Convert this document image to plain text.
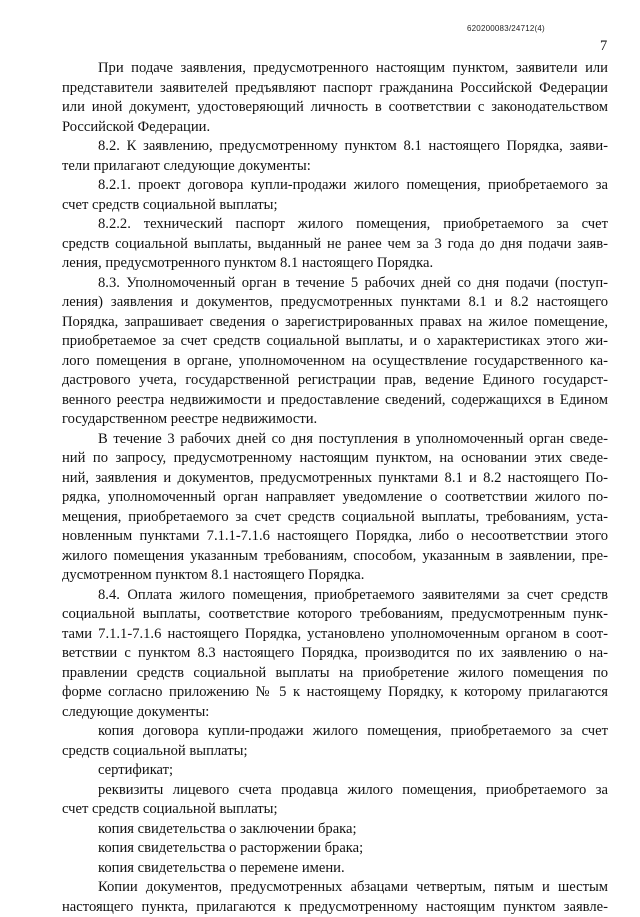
620200083/24712(4)
7
При подаче заявления, предусмотренного настоящим пунктом, заявители или
представители заявителей предъявляют паспорт гражданина Российской Федерации
или иной документ, удостоверяющий личность в соответствии с законодательством
Российской Федерации.
8.2. К заявлению, предусмотренному пунктом 8.1 настоящего Порядка, заяви-
тели прилагают следующие документы:
8.2.1. проект договора купли-продажи жилого помещения, приобретаемого за
счет средств социальной выплаты;
8.2.2. технический паспорт жилого помещения, приобретаемого за счет
средств социальной выплаты, выданный не ранее чем за 3 года до дня подачи заяв-
ления, предусмотренного пунктом 8.1 настоящего Порядка.
8.3. Уполномоченный орган в течение 5 рабочих дней со дня подачи (поступ-
ления) заявления и документов, предусмотренных пунктами 8.1 и 8.2 настоящего
Порядка, запрашивает сведения о зарегистрированных правах на жилое помещение,
приобретаемое за счет средств социальной выплаты, и о характеристиках этого жи-
лого помещения в органе, уполномоченном на осуществление государственного ка-
дастрового учета, государственной регистрации прав, ведение Единого государст-
венного реестра недвижимости и предоставление сведений, содержащихся в Едином
государственном реестре недвижимости.
В течение 3 рабочих дней со дня поступления в уполномоченный орган сведе-
ний по запросу, предусмотренному настоящим пунктом, на основании этих сведе-
ний, заявления и документов, предусмотренных пунктами 8.1 и 8.2 настоящего По-
рядка, уполномоченный орган направляет уведомление о соответствии жилого по-
мещения, приобретаемого за счет средств социальной выплаты, требованиям, уста-
новленным пунктами 7.1.1-7.1.6 настоящего Порядка, либо о несоответствии этого
жилого помещения указанным требованиям, способом, указанным в заявлении, пре-
дусмотренном пунктом 8.1 настоящего Порядка.
8.4. Оплата жилого помещения, приобретаемого заявителями за счет средств
социальной выплаты, соответствие которого требованиям, предусмотренным пунк-
тами 7.1.1-7.1.6 настоящего Порядка, установлено уполномоченным органом в соот-
ветствии с пунктом 8.3 настоящего Порядка, производится по их заявлению о на-
правлении средств социальной выплаты на приобретение жилого помещения по
форме согласно приложению № 5 к настоящему Порядку, к которому прилагаются
следующие документы:
копия договора купли-продажи жилого помещения, приобретаемого за счет
средств социальной выплаты;
сертификат;
реквизиты лицевого счета продавца жилого помещения, приобретаемого за
счет средств социальной выплаты;
копия свидетельства о заключении брака;
копия свидетельства о расторжении брака;
копия свидетельства о перемене имени.
Копии документов, предусмотренных абзацами четвертым, пятым и шестым
настоящего пункта, прилагаются к предусмотренному настоящим пунктом заявле-
